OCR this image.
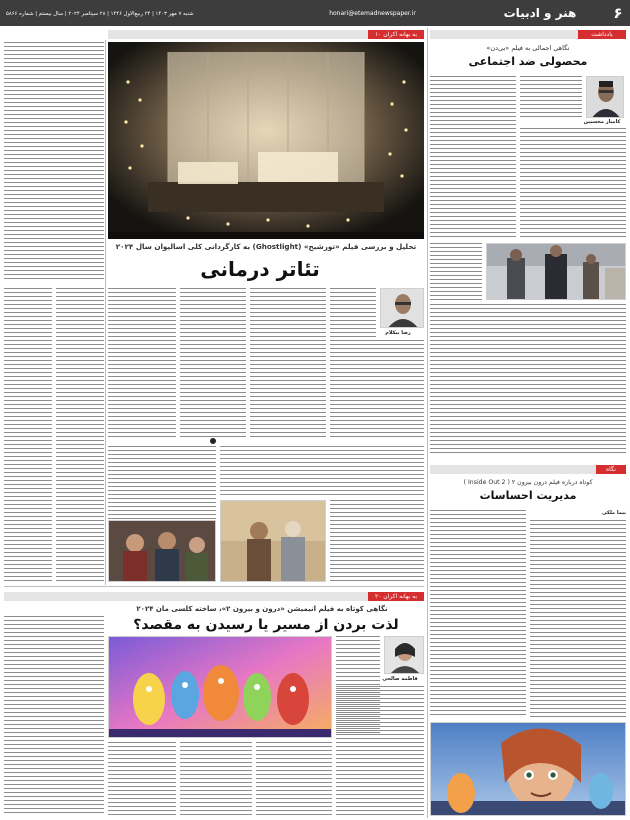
۶
هنر و ادبیات
honari@etemadnewspaper.ir
شنبه ۷ مهر ۱۴۰۳ | ۲۴ ربیع‌الاول ۱۴۴۶ | ۲۸ سپتامبر ۲۰۲۴ | سال بیستم | شماره ۵۸۶۶
یادداشت
نگاهی اجمالی به فیلم «بی‌دن»
محصولی ضد اجتماعی
کامیار محسنین
نگاه
کوتاه درباره فیلم درون بیرون ۲ ( Inside Out 2 )
مدیریت احساسات
نیما ملکی
به بهانه اکران ۱۰
تحلیل و بررسی فیلم «تورشبح» (Ghostlight) به کارگردانی کلی اسالیوان سال ۲۰۲۴
تئاتر درمانی
رضا بیکلام
به بهانه اکران ۲۰
نگاهی کوتاه به فیلم انیمیشن «درون و بیرون ۲»، ساخته کلسی مان ۲۰۲۴
لذت بردن از مسیر یا رسیدن به مقصد؟
فاطمه صالحی
